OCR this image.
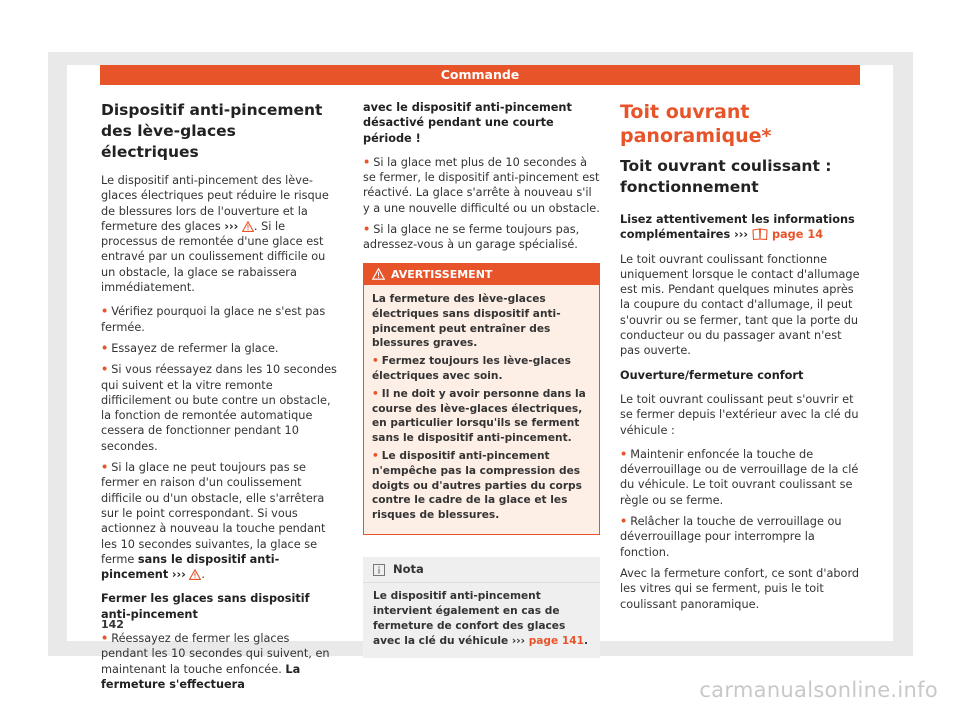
Commande
Dispositif anti-pincement des lève-glaces électriques

Le dispositif anti-pincement des lève-glaces électriques peut réduire le risque de blessures lors de l'ouverture et la fermeture des glaces ››› . Si le processus de remontée d'une glace est entravé par un coulissement difficile ou un obstacle, la glace se rabaissera immédiatement.

• Vérifiez pourquoi la glace ne s'est pas fermée.

• Essayez de refermer la glace.

• Si vous réessayez dans les 10 secondes qui suivent et la vitre remonte difficilement ou bute contre un obstacle, la fonction de remontée automatique cessera de fonctionner pendant 10 secondes.

• Si la glace ne peut toujours pas se fermer en raison d'un coulissement difficile ou d'un obstacle, elle s'arrêtera sur le point correspondant. Si vous actionnez à nouveau la touche pendant les 10 secondes suivantes, la glace se ferme sans le dispositif anti-pincement ››› .

Fermer les glaces sans dispositif anti-pincement

• Réessayez de fermer les glaces pendant les 10 secondes qui suivent, en maintenant la touche enfoncée. La fermeture s'effectuera

avec le dispositif anti-pincement désactivé pendant une courte période !

• Si la glace met plus de 10 secondes à se fermer, le dispositif anti-pincement est réactivé. La glace s'arrête à nouveau s'il y a une nouvelle difficulté ou un obstacle.

• Si la glace ne se ferme toujours pas, adressez-vous à un garage spécialisé.

AVERTISSEMENT

La fermeture des lève-glaces électriques sans dispositif anti-pincement peut entraîner des blessures graves.

• Fermez toujours les lève-glaces électriques avec soin.

• Il ne doit y avoir personne dans la course des lève-glaces électriques, en particulier lorsqu'ils se ferment sans le dispositif anti-pincement.

• Le dispositif anti-pincement n'empêche pas la compression des doigts ou d'autres parties du corps contre le cadre de la glace et les risques de blessures.

Nota
Le dispositif anti-pincement intervient également en cas de fermeture de confort des glaces avec la clé du véhicule ››› page 141.
Toit ouvrant panoramique*
Toit ouvrant coulissant : fonctionnement

Lisez attentivement les informations complémentaires ››› page 14

Le toit ouvrant coulissant fonctionne uniquement lorsque le contact d'allumage est mis. Pendant quelques minutes après la coupure du contact d'allumage, il peut s'ouvrir ou se fermer, tant que la porte du conducteur ou du passager avant n'est pas ouverte.

Ouverture/fermeture confort

Le toit ouvrant coulissant peut s'ouvrir et se fermer depuis l'extérieur avec la clé du véhicule :

• Maintenir enfoncée la touche de déverrouillage ou de verrouillage de la clé du véhicule. Le toit ouvrant coulissant se règle ou se ferme.

• Relâcher la touche de verrouillage ou déverrouillage pour interrompre la fonction.

Avec la fermeture confort, ce sont d'abord les vitres qui se ferment, puis le toit coulissant panoramique.

142
carmanualsonline.info
